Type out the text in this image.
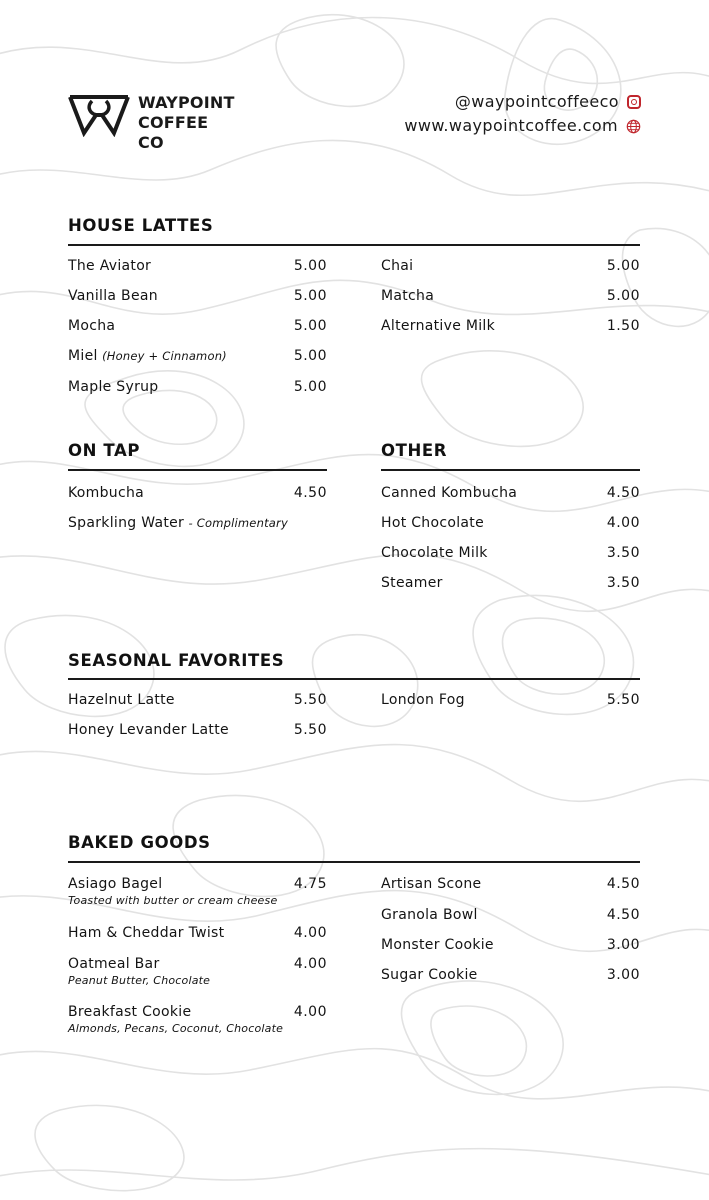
WAYPOINT
COFFEE CO
@waypointcoffeeco
www.waypointcoffee.com
HOUSE LATTES
The Aviator	5.00
Vanilla Bean	5.00
Mocha	5.00
Miel (Honey + Cinnamon)	5.00
Maple Syrup	5.00
Chai	5.00
Matcha	5.00
Alternative Milk	1.50
ON TAP
Kombucha	4.50
Sparkling Water - Complimentary
OTHER
Canned Kombucha	4.50
Hot Chocolate	4.00
Chocolate Milk	3.50
Steamer	3.50
SEASONAL FAVORITES
Hazelnut Latte	5.50
Honey Levander Latte	5.50
London Fog	5.50
BAKED GOODS
Asiago Bagel	4.75
Toasted with butter or cream cheese
Ham & Cheddar Twist	4.00
Oatmeal Bar	4.00
Peanut Butter, Chocolate
Breakfast Cookie	4.00
Almonds, Pecans, Coconut, Chocolate
Artisan Scone	4.50
Granola Bowl	4.50
Monster Cookie	3.00
Sugar Cookie	3.00
